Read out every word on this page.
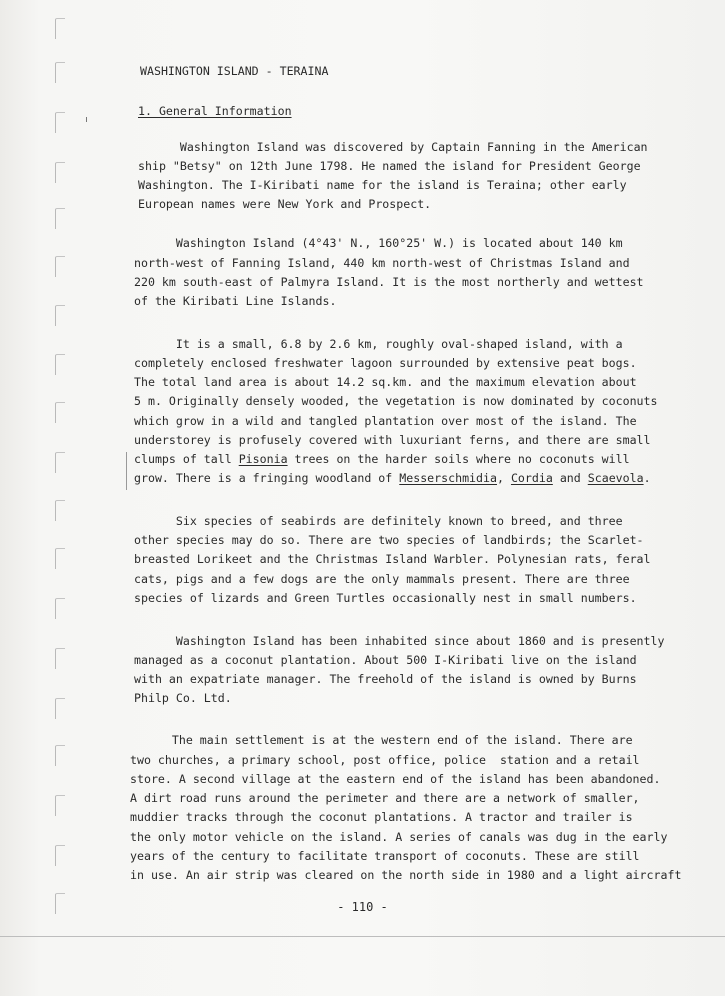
WASHINGTON ISLAND - TERAINA
1. General Information
Washington Island was discovered by Captain Fanning in the American
ship "Betsy" on 12th June 1798. He named the island for President George
Washington. The I-Kiribati name for the island is Teraina; other early
European names were New York and Prospect.
Washington Island (4°43' N., 160°25' W.) is located about 140 km
north-west of Fanning Island, 440 km north-west of Christmas Island and
220 km south-east of Palmyra Island. It is the most northerly and wettest
of the Kiribati Line Islands.
It is a small, 6.8 by 2.6 km, roughly oval-shaped island, with a
completely enclosed freshwater lagoon surrounded by extensive peat bogs.
The total land area is about 14.2 sq.km. and the maximum elevation about
5 m. Originally densely wooded, the vegetation is now dominated by coconuts
which grow in a wild and tangled plantation over most of the island. The
understorey is profusely covered with luxuriant ferns, and there are small
clumps of tall Pisonia trees on the harder soils where no coconuts will
grow. There is a fringing woodland of Messerschmidia, Cordia and Scaevola.
Six species of seabirds are definitely known to breed, and three
other species may do so. There are two species of landbirds; the Scarlet-
breasted Lorikeet and the Christmas Island Warbler. Polynesian rats, feral
cats, pigs and a few dogs are the only mammals present. There are three
species of lizards and Green Turtles occasionally nest in small numbers.
Washington Island has been inhabited since about 1860 and is presently
managed as a coconut plantation. About 500 I-Kiribati live on the island
with an expatriate manager. The freehold of the island is owned by Burns
Philp Co. Ltd.
The main settlement is at the western end of the island. There are
two churches, a primary school, post office, police  station and a retail
store. A second village at the eastern end of the island has been abandoned.
A dirt road runs around the perimeter and there are a network of smaller,
muddier tracks through the coconut plantations. A tractor and trailer is
the only motor vehicle on the island. A series of canals was dug in the early
years of the century to facilitate transport of coconuts. These are still
in use. An air strip was cleared on the north side in 1980 and a light aircraft
- 110 -
